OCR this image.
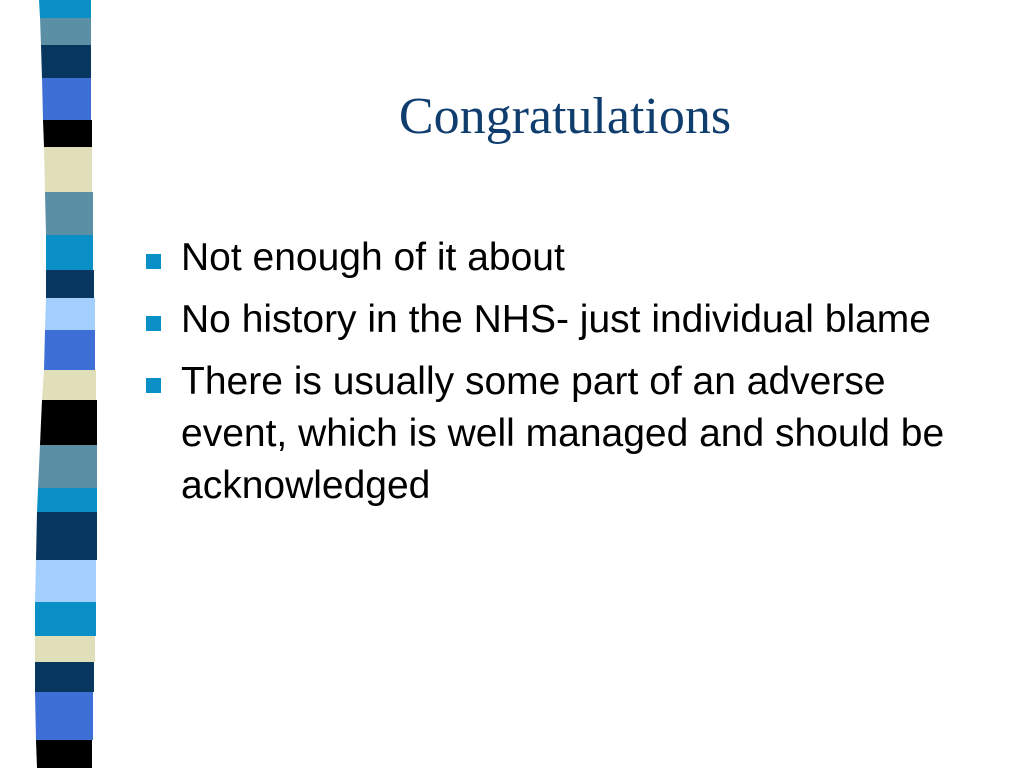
Congratulations
Not enough of it about
No history in the NHS- just individual blame
There is usually some part of an adverse event, which is well managed and should be acknowledged
